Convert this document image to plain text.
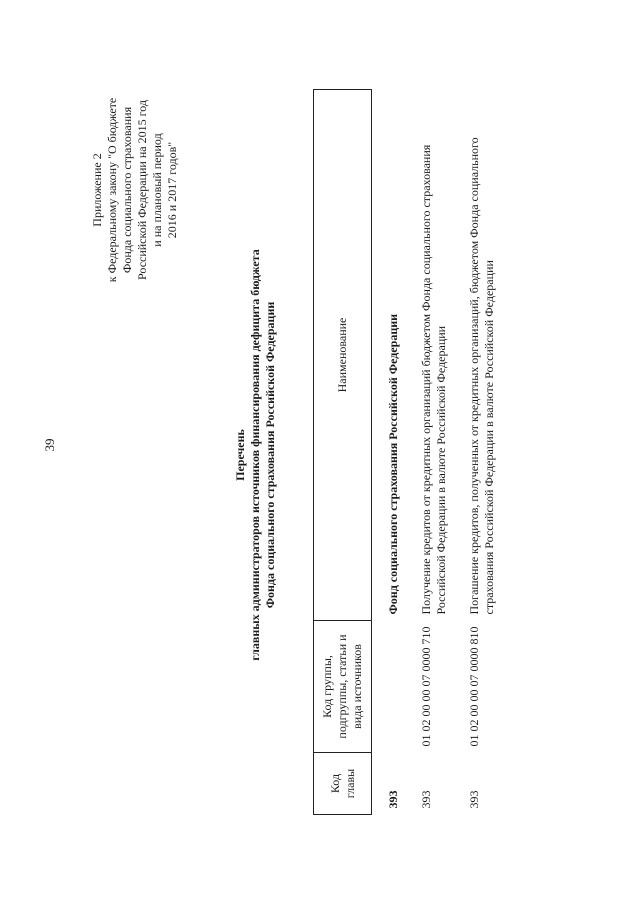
39
Приложение 2 к Федеральному закону "О бюджете Фонда социального страхования Российской Федерации на 2015 год и на плановый период 2016 и 2017 годов"
Перечень главных администраторов источников финансирования дефицита бюджета Фонда социального страхования Российской Федерации
Код главы	Код группы, подгруппы, статьи и вида источников	Наименование
393		Фонд социального страхования Российской Федерации
393	01 02 00 00 07 0000 710	Получение кредитов от кредитных организаций бюджетом Фонда социального страхования Российской Федерации в валюте Российской Федерации
393	01 02 00 00 07 0000 810	Погашение кредитов, полученных от кредитных организаций, бюджетом Фонда социального страхования Российской Федерации в валюте Российской Федерации
